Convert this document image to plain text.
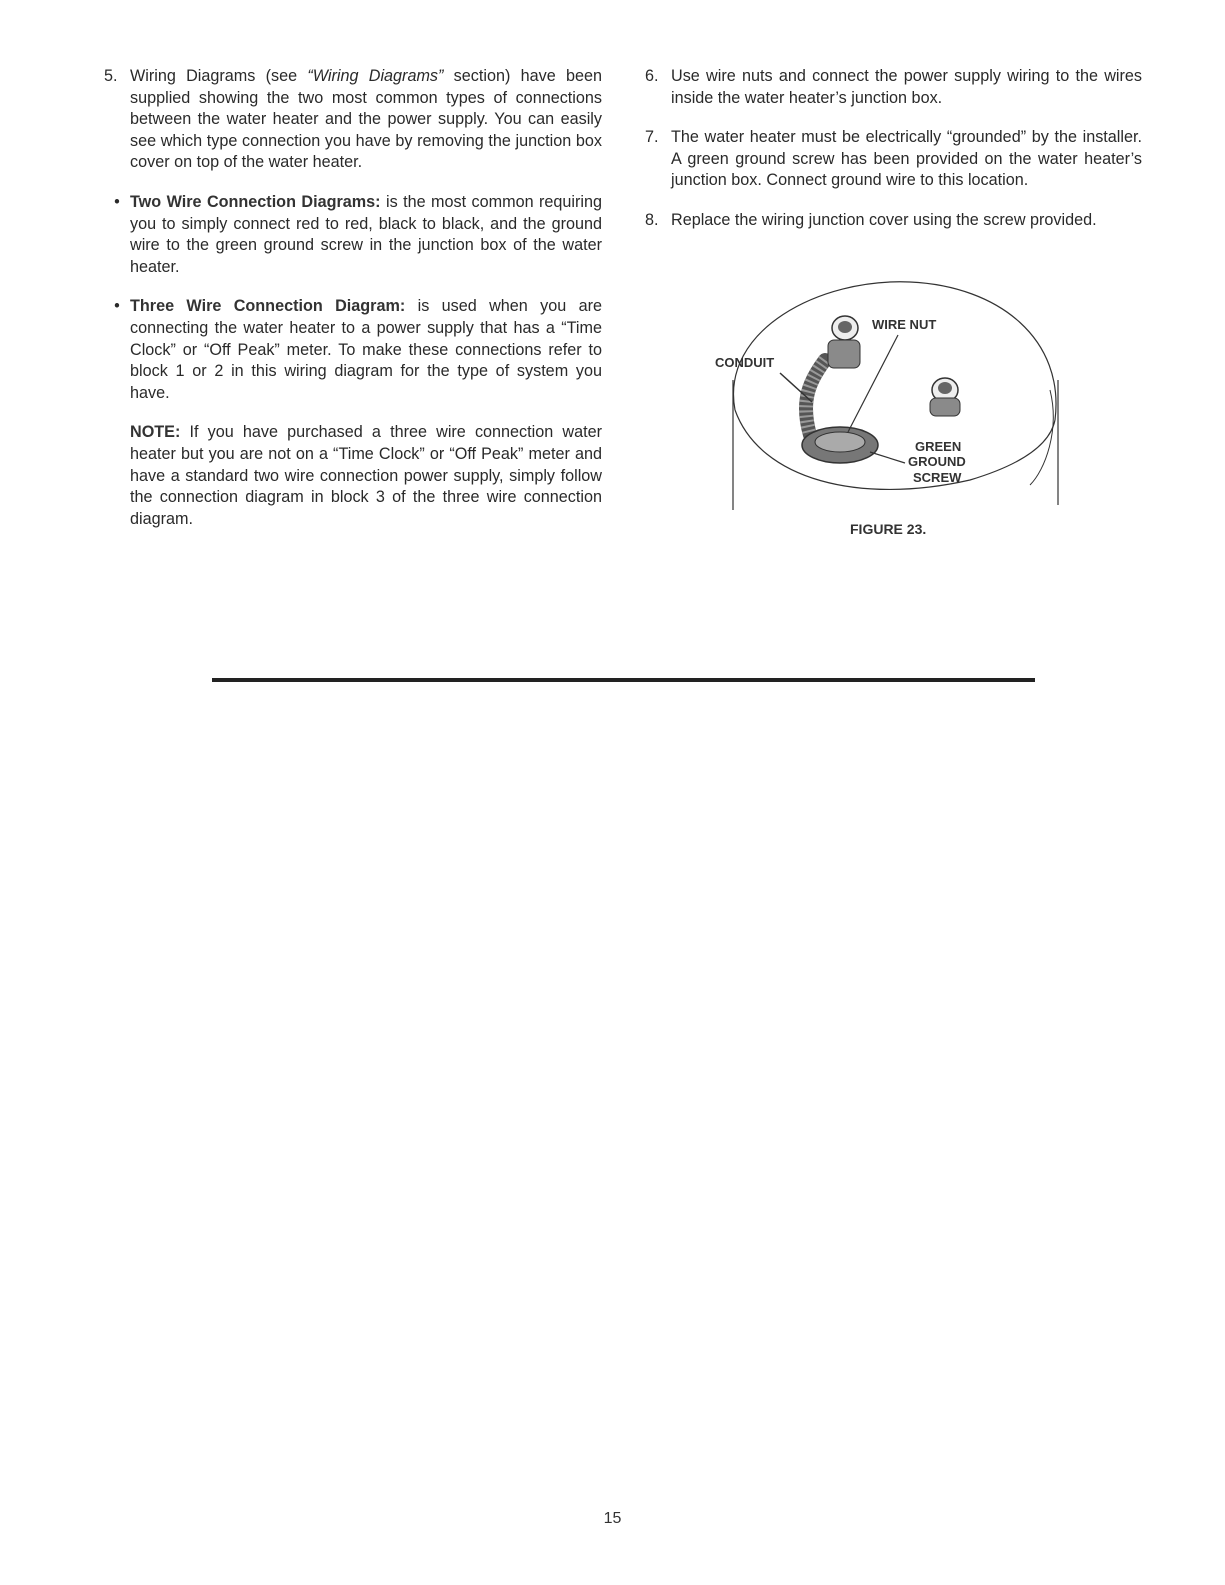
5. Wiring Diagrams (see “Wiring Diagrams” section) have been supplied showing the two most common types of connections between the water heater and the power supply. You can easily see which type connection you have by removing the junction box cover on top of the water heater.
• Two Wire Connection Diagrams: is the most common requiring you to simply connect red to red, black to black, and the ground wire to the green ground screw in the junction box of the water heater.
• Three Wire Connection Diagram: is used when you are connecting the water heater to a power supply that has a “Time Clock” or “Off Peak” meter. To make these connections refer to block 1 or 2 in this wiring diagram for the type of system you have.
NOTE: If you have purchased a three wire connection water heater but you are not on a “Time Clock” or “Off Peak” meter and have a standard two wire connection power supply, simply follow the connection diagram in block 3 of the three wire connection diagram.
6. Use wire nuts and connect the power supply wiring to the wires inside the water heater’s junction box.
7. The water heater must be electrically “grounded” by the installer. A green ground screw has been provided on the water heater’s junction box. Connect ground wire to this location.
8. Replace the wiring junction cover using the screw provided.
WIRE NUT
CONDUIT
GREEN
GROUND
SCREW
FIGURE 23.
15
